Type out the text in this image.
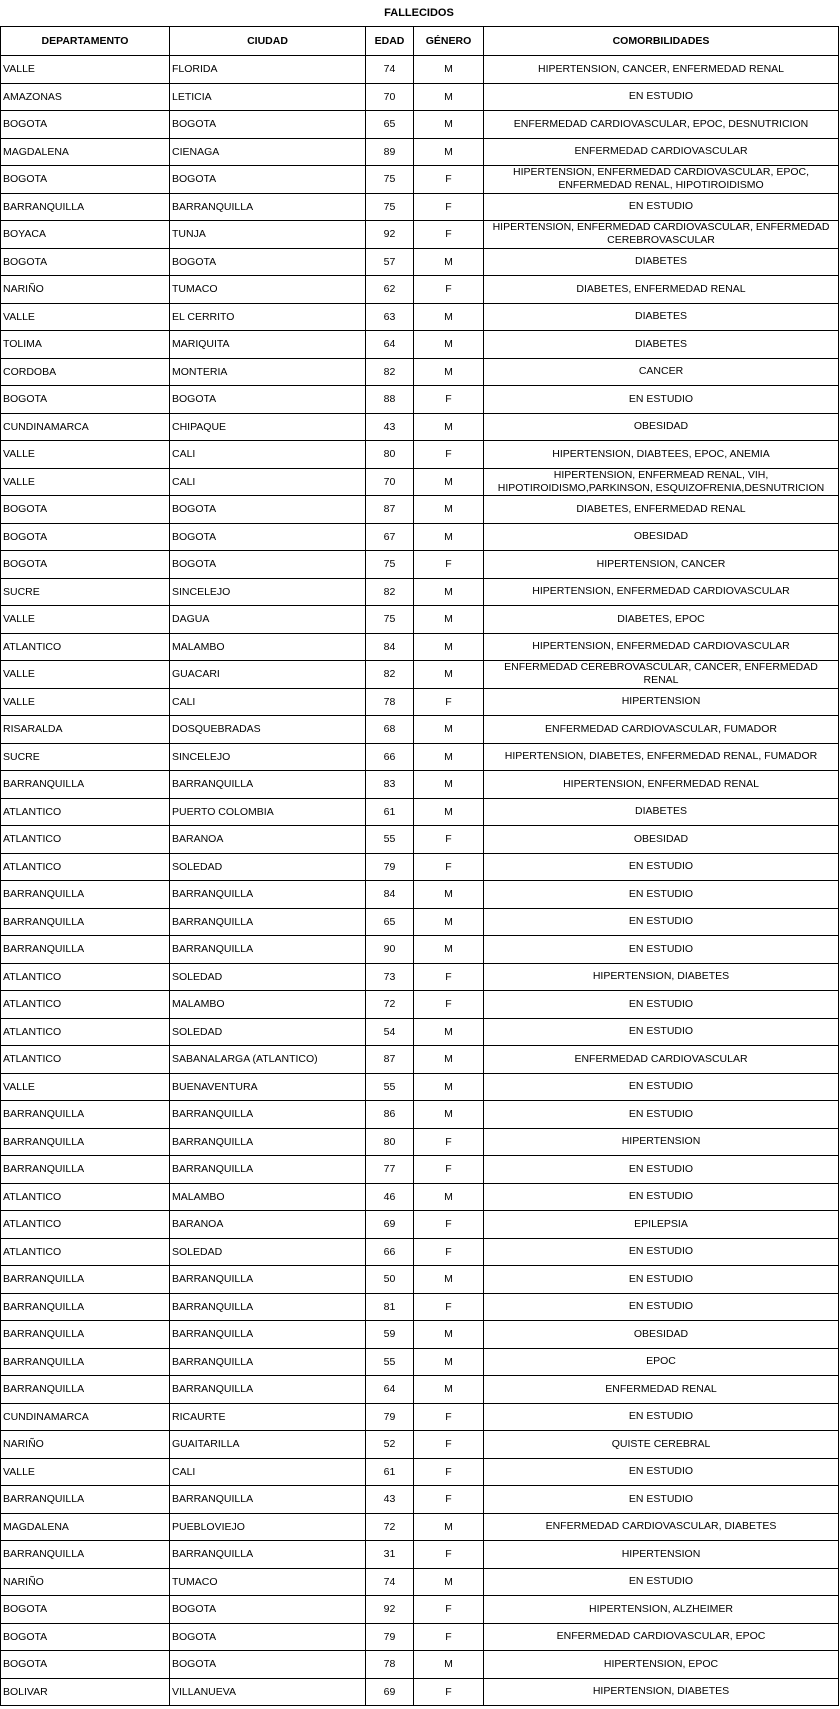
FALLECIDOS
DEPARTAMENTO	CIUDAD	EDAD	GÉNERO	COMORBILIDADES
VALLE	FLORIDA	74	M	HIPERTENSION, CANCER, ENFERMEDAD RENAL
AMAZONAS	LETICIA	70	M	EN ESTUDIO
BOGOTA	BOGOTA	65	M	ENFERMEDAD CARDIOVASCULAR, EPOC, DESNUTRICION
MAGDALENA	CIENAGA	89	M	ENFERMEDAD CARDIOVASCULAR
BOGOTA	BOGOTA	75	F	HIPERTENSION, ENFERMEDAD CARDIOVASCULAR, EPOC, ENFERMEDAD RENAL, HIPOTIROIDISMO
BARRANQUILLA	BARRANQUILLA	75	F	EN ESTUDIO
BOYACA	TUNJA	92	F	HIPERTENSION, ENFERMEDAD CARDIOVASCULAR, ENFERMEDAD CEREBROVASCULAR
BOGOTA	BOGOTA	57	M	DIABETES
NARIÑO	TUMACO	62	F	DIABETES, ENFERMEDAD RENAL
VALLE	EL CERRITO	63	M	DIABETES
TOLIMA	MARIQUITA	64	M	DIABETES
CORDOBA	MONTERIA	82	M	CANCER
BOGOTA	BOGOTA	88	F	EN ESTUDIO
CUNDINAMARCA	CHIPAQUE	43	M	OBESIDAD
VALLE	CALI	80	F	HIPERTENSION, DIABTEES, EPOC, ANEMIA
VALLE	CALI	70	M	HIPERTENSION, ENFERMEAD RENAL, VIH, HIPOTIROIDISMO,PARKINSON, ESQUIZOFRENIA,DESNUTRICION
BOGOTA	BOGOTA	87	M	DIABETES, ENFERMEDAD RENAL
BOGOTA	BOGOTA	67	M	OBESIDAD
BOGOTA	BOGOTA	75	F	HIPERTENSION, CANCER
SUCRE	SINCELEJO	82	M	HIPERTENSION, ENFERMEDAD CARDIOVASCULAR
VALLE	DAGUA	75	M	DIABETES, EPOC
ATLANTICO	MALAMBO	84	M	HIPERTENSION, ENFERMEDAD CARDIOVASCULAR
VALLE	GUACARI	82	M	ENFERMEDAD CEREBROVASCULAR, CANCER, ENFERMEDAD RENAL
VALLE	CALI	78	F	HIPERTENSION
RISARALDA	DOSQUEBRADAS	68	M	ENFERMEDAD CARDIOVASCULAR, FUMADOR
SUCRE	SINCELEJO	66	M	HIPERTENSION, DIABETES, ENFERMEDAD RENAL, FUMADOR
BARRANQUILLA	BARRANQUILLA	83	M	HIPERTENSION, ENFERMEDAD RENAL
ATLANTICO	PUERTO COLOMBIA	61	M	DIABETES
ATLANTICO	BARANOA	55	F	OBESIDAD
ATLANTICO	SOLEDAD	79	F	EN ESTUDIO
BARRANQUILLA	BARRANQUILLA	84	M	EN ESTUDIO
BARRANQUILLA	BARRANQUILLA	65	M	EN ESTUDIO
BARRANQUILLA	BARRANQUILLA	90	M	EN ESTUDIO
ATLANTICO	SOLEDAD	73	F	HIPERTENSION, DIABETES
ATLANTICO	MALAMBO	72	F	EN ESTUDIO
ATLANTICO	SOLEDAD	54	M	EN ESTUDIO
ATLANTICO	SABANALARGA (ATLANTICO)	87	M	ENFERMEDAD CARDIOVASCULAR
VALLE	BUENAVENTURA	55	M	EN ESTUDIO
BARRANQUILLA	BARRANQUILLA	86	M	EN ESTUDIO
BARRANQUILLA	BARRANQUILLA	80	F	HIPERTENSION
BARRANQUILLA	BARRANQUILLA	77	F	EN ESTUDIO
ATLANTICO	MALAMBO	46	M	EN ESTUDIO
ATLANTICO	BARANOA	69	F	EPILEPSIA
ATLANTICO	SOLEDAD	66	F	EN ESTUDIO
BARRANQUILLA	BARRANQUILLA	50	M	EN ESTUDIO
BARRANQUILLA	BARRANQUILLA	81	F	EN ESTUDIO
BARRANQUILLA	BARRANQUILLA	59	M	OBESIDAD
BARRANQUILLA	BARRANQUILLA	55	M	EPOC
BARRANQUILLA	BARRANQUILLA	64	M	ENFERMEDAD RENAL
CUNDINAMARCA	RICAURTE	79	F	EN ESTUDIO
NARIÑO	GUAITARILLA	52	F	QUISTE CEREBRAL
VALLE	CALI	61	F	EN ESTUDIO
BARRANQUILLA	BARRANQUILLA	43	F	EN ESTUDIO
MAGDALENA	PUEBLOVIEJO	72	M	ENFERMEDAD CARDIOVASCULAR, DIABETES
BARRANQUILLA	BARRANQUILLA	31	F	HIPERTENSION
NARIÑO	TUMACO	74	M	EN ESTUDIO
BOGOTA	BOGOTA	92	F	HIPERTENSION, ALZHEIMER
BOGOTA	BOGOTA	79	F	ENFERMEDAD CARDIOVASCULAR, EPOC
BOGOTA	BOGOTA	78	M	HIPERTENSION, EPOC
BOLIVAR	VILLANUEVA	69	F	HIPERTENSION, DIABETES
